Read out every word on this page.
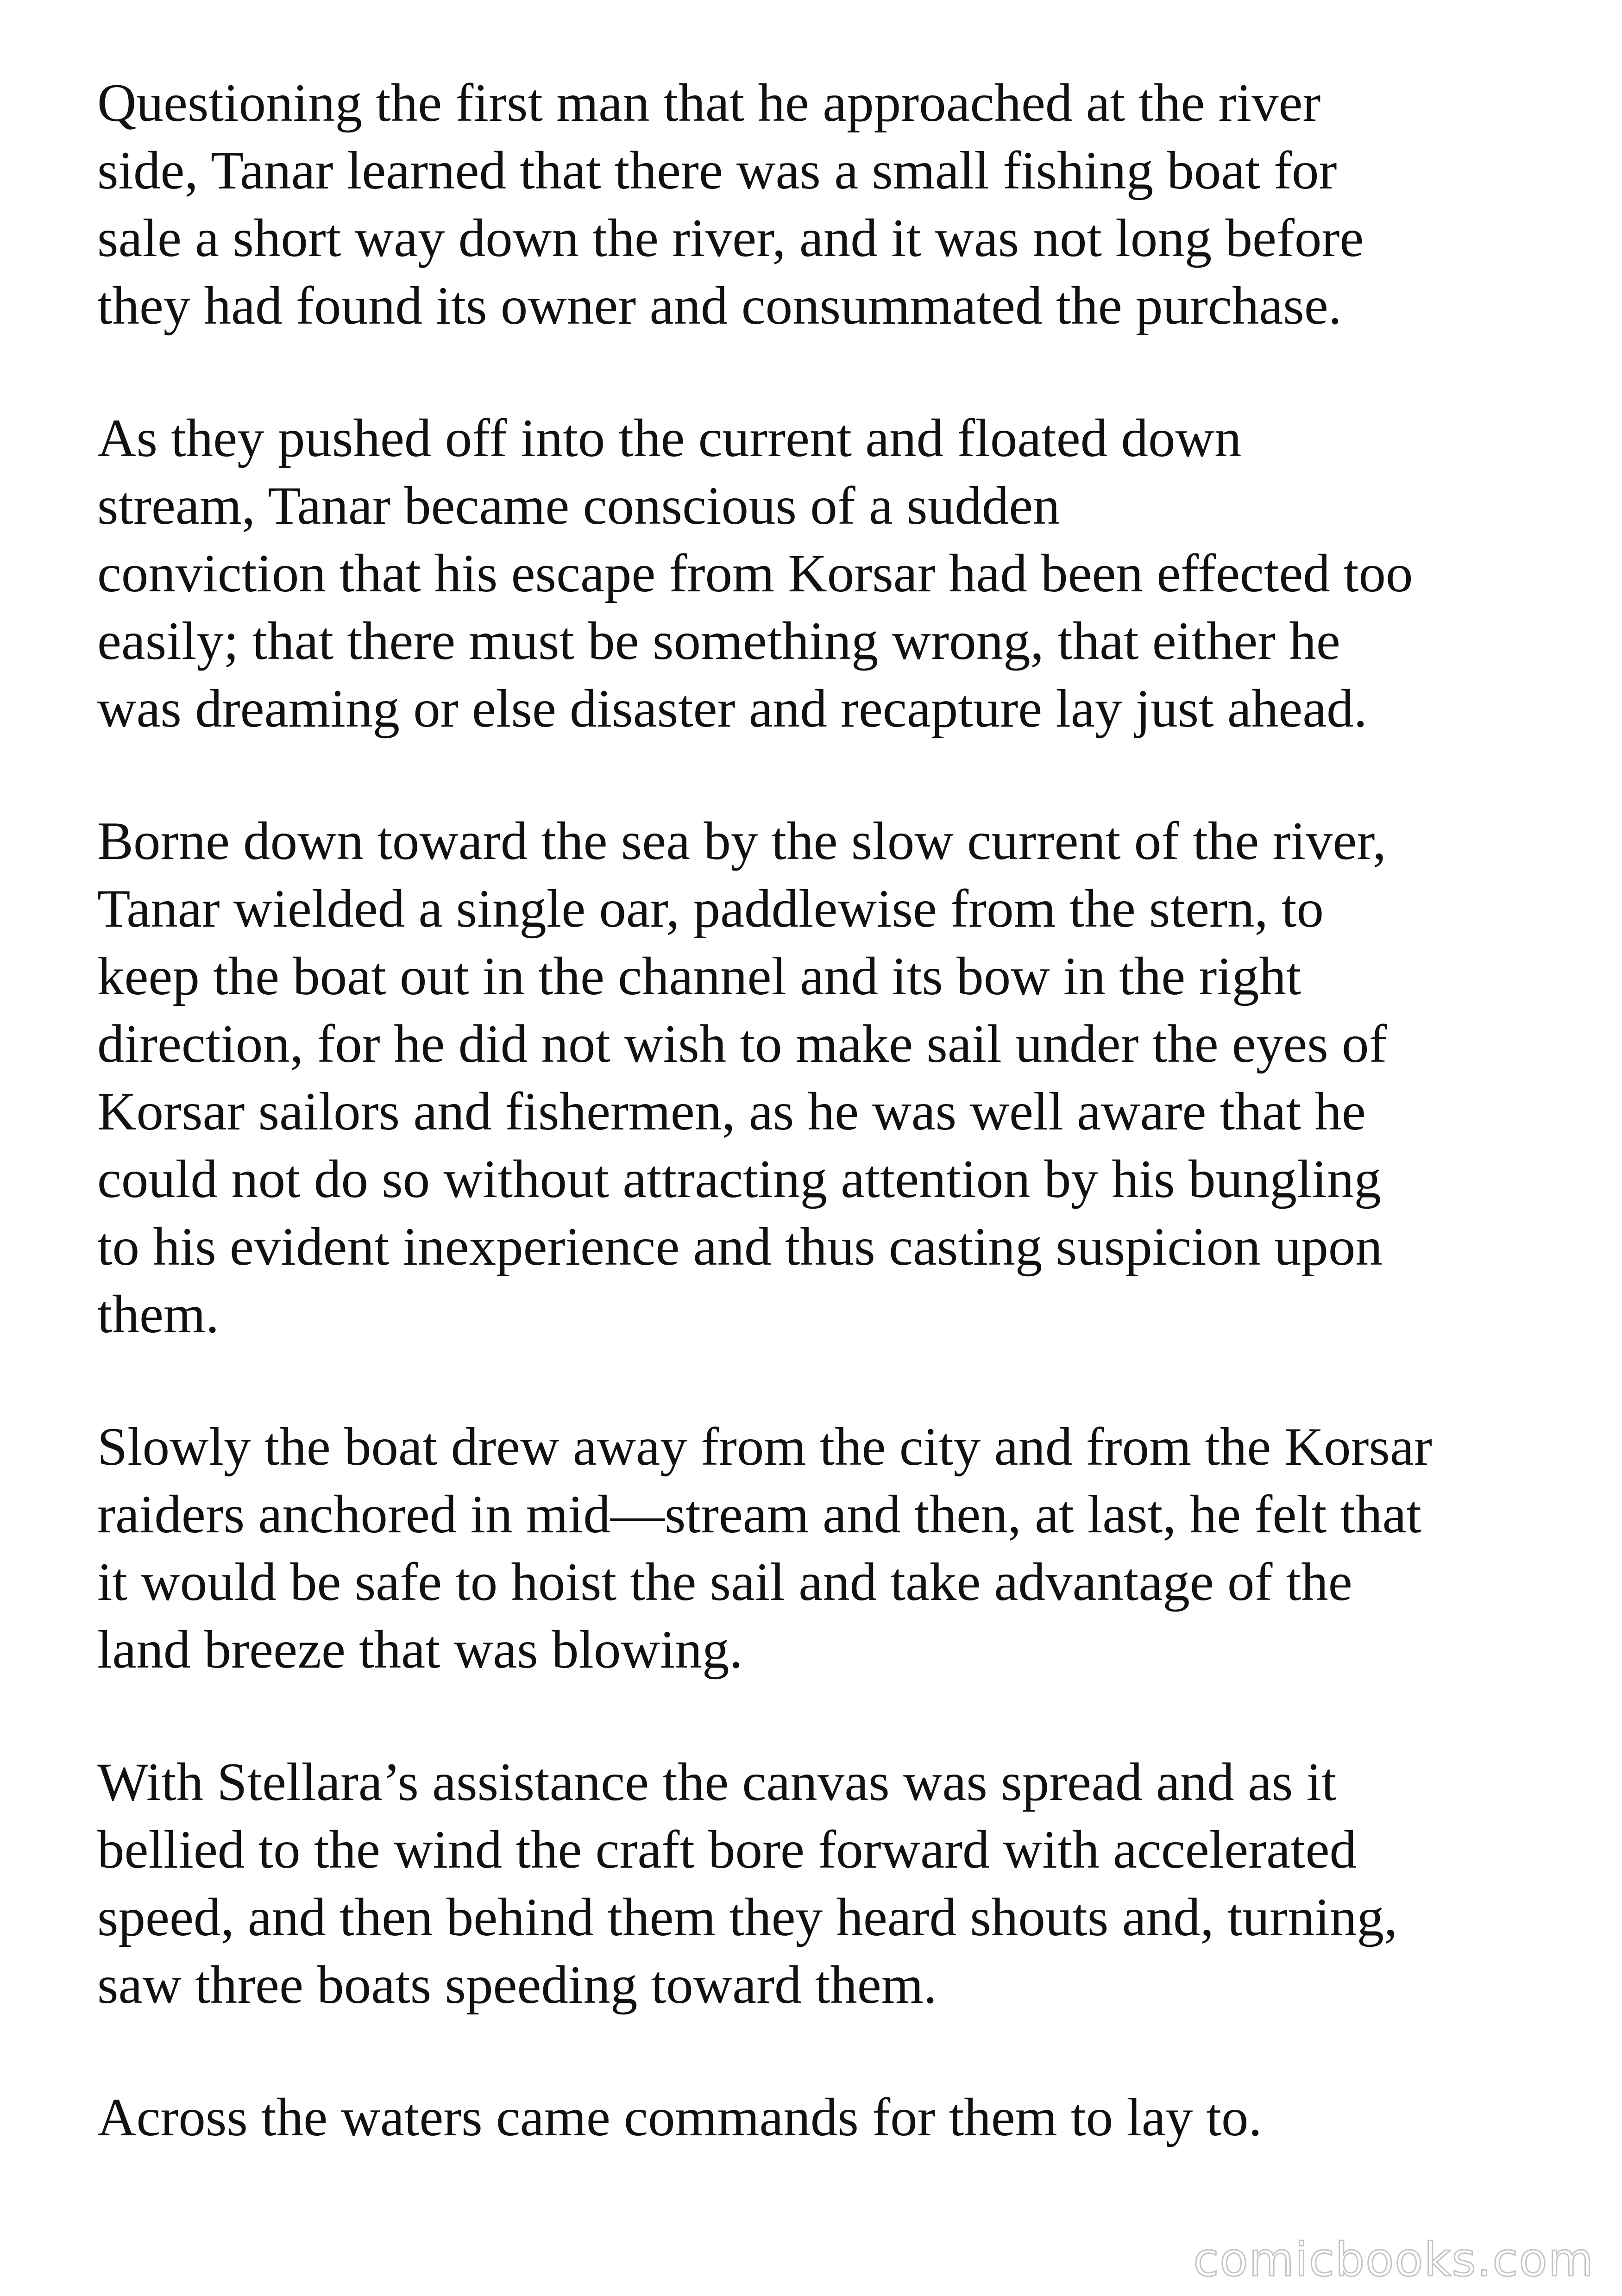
Questioning the first man that he approached at the river
side, Tanar learned that there was a small fishing boat for
sale a short way down the river, and it was not long before
they had found its owner and consummated the purchase.

As they pushed off into the current and floated down
stream, Tanar became conscious of a sudden
conviction that his escape from Korsar had been effected too
easily; that there must be something wrong, that either he
was dreaming or else disaster and recapture lay just ahead.

Borne down toward the sea by the slow current of the river,
Tanar wielded a single oar, paddlewise from the stern, to
keep the boat out in the channel and its bow in the right
direction, for he did not wish to make sail under the eyes of
Korsar sailors and fishermen, as he was well aware that he
could not do so without attracting attention by his bungling
to his evident inexperience and thus casting suspicion upon
them.

Slowly the boat drew away from the city and from the Korsar
raiders anchored in mid—stream and then, at last, he felt that
it would be safe to hoist the sail and take advantage of the
land breeze that was blowing.

With Stellara’s assistance the canvas was spread and as it
bellied to the wind the craft bore forward with accelerated
speed, and then behind them they heard shouts and, turning,
saw three boats speeding toward them.

Across the waters came commands for them to lay to.

comicbooks.com
